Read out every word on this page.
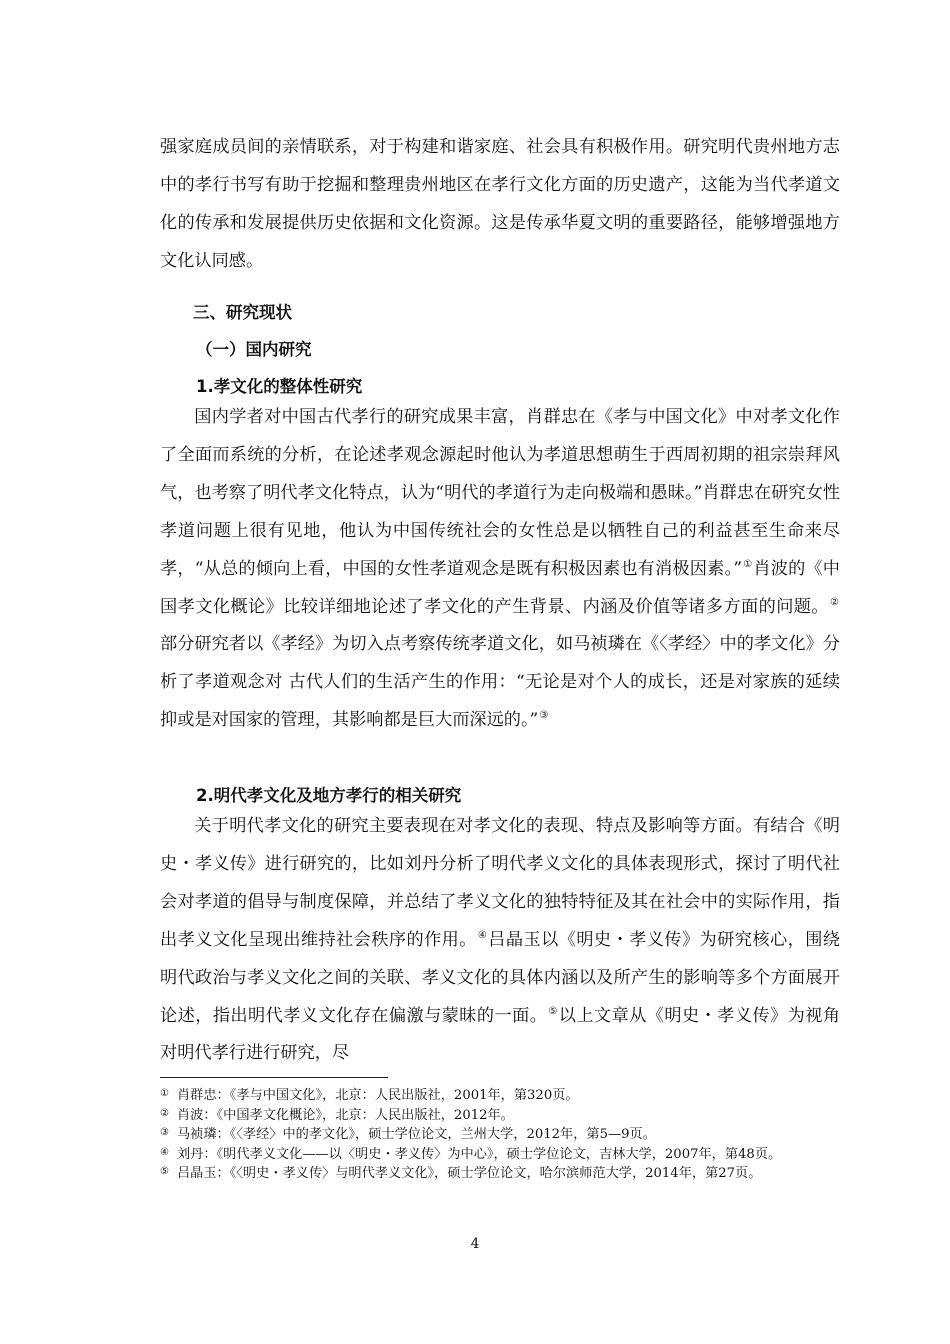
强家庭成员间的亲情联系，对于构建和谐家庭、社会具有积极作用。研究明代贵州地方志中的孝行书写有助于挖掘和整理贵州地区在孝行文化方面的历史遗产，这能为当代孝道文化的传承和发展提供历史依据和文化资源。这是传承华夏文明的重要路径，能够增强地方文化认同感。

三、研究现状
（一）国内研究
1.孝文化的整体性研究

国内学者对中国古代孝行的研究成果丰富，肖群忠在《孝与中国文化》中对孝文化作了全面而系统的分析，在论述孝观念源起时他认为孝道思想萌生于西周初期的祖宗崇拜风气，也考察了明代孝文化特点，认为“明代的孝道行为走向极端和愚昧。”肖群忠在研究女性孝道问题上很有见地，他认为中国传统社会的女性总是以牺牲自己的利益甚至生命来尽孝，“从总的倾向上看，中国的女性孝道观念是既有积极因素也有消极因素。”①肖波的《中国孝文化概论》比较详细地论述了孝文化的产生背景、内涵及价值等诸多方面的问题。②部分研究者以《孝经》为切入点考察传统孝道文化，如马祯璘在《〈孝经〉中的孝文化》分析了孝道观念对 古代人们的生活产生的作用：“无论是对个人的成长，还是对家族的延续抑或是对国家的管理，其影响都是巨大而深远的。”③

2.明代孝文化及地方孝行的相关研究

关于明代孝文化的研究主要表现在对孝文化的表现、特点及影响等方面。有结合《明史・孝义传》进行研究的，比如刘丹分析了明代孝义文化的具体表现形式，探讨了明代社会对孝道的倡导与制度保障，并总结了孝义文化的独特特征及其在社会中的实际作用，指出孝义文化呈现出维持社会秩序的作用。④吕晶玉以《明史・孝义传》为研究核心，围绕明代政治与孝义文化之间的关联、孝义文化的具体内涵以及所产生的影响等多个方面展开论述，指出明代孝义文化存在偏激与蒙昧的一面。⑤以上文章从《明史・孝义传》为视角对明代孝行进行研究，尽

① 肖群忠：《孝与中国文化》，北京：人民出版社，2001年，第320页。
② 肖波：《中国孝文化概论》，北京：人民出版社，2012年。
③ 马祯璘：《〈孝经〉中的孝文化》，硕士学位论文，兰州大学，2012年，第5—9页。
④ 刘丹：《明代孝义文化——以〈明史・孝义传〉为中心》，硕士学位论文，吉林大学，2007年，第48页。
⑤ 吕晶玉：《〈明史・孝义传〉与明代孝义文化》，硕士学位论文，哈尔滨师范大学，2014年，第27页。
4
